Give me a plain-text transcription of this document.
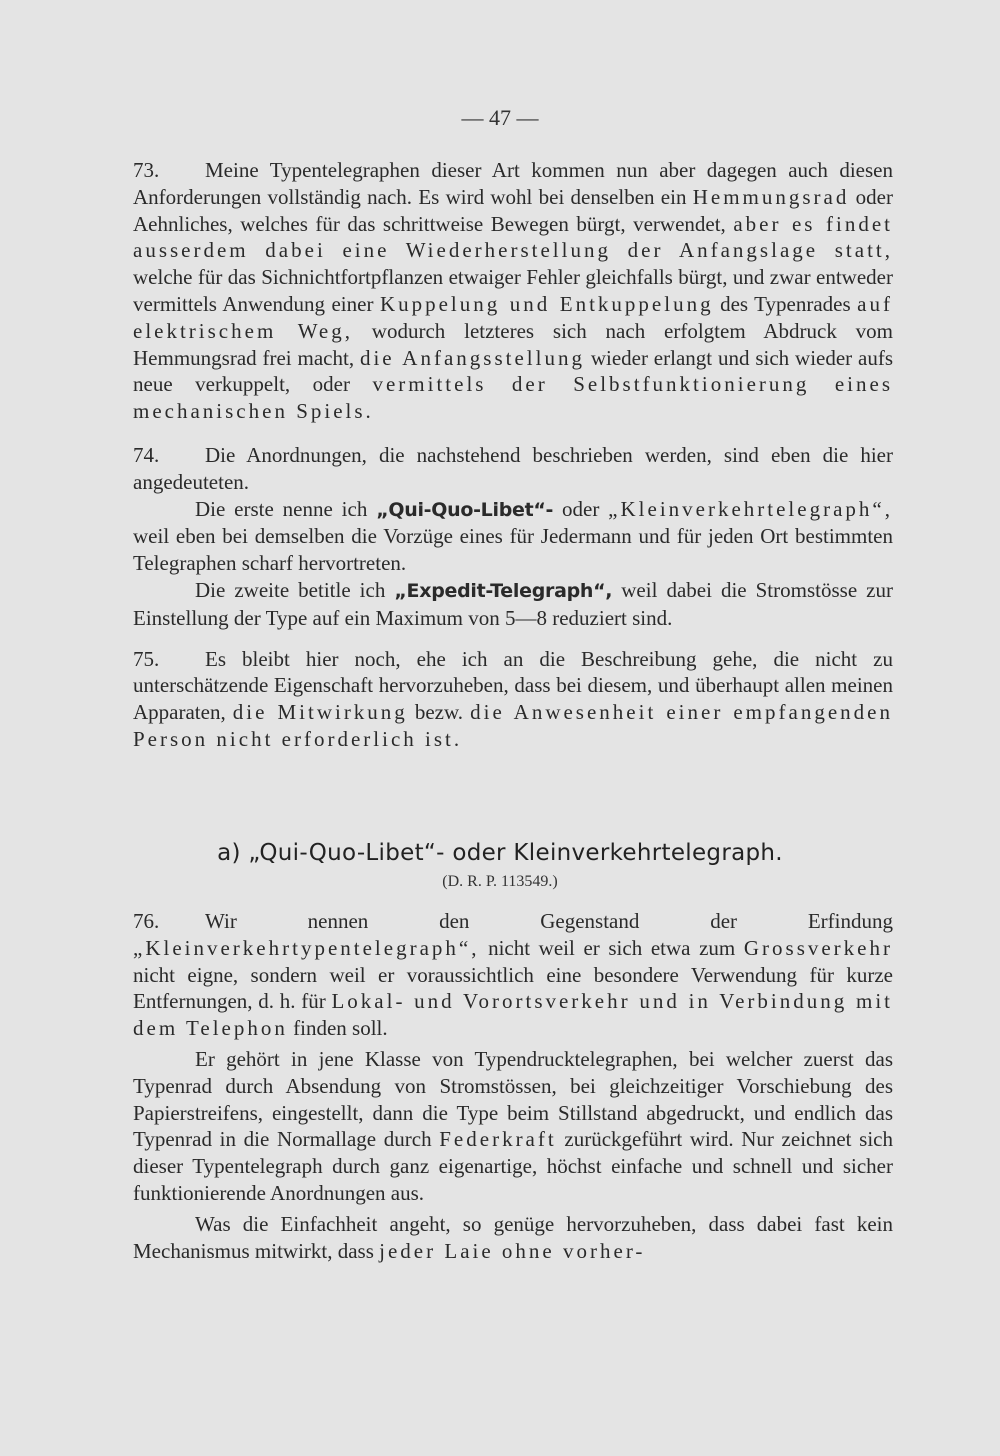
— 47 —

73. Meine Typentelegraphen dieser Art kommen nun aber dagegen auch diesen Anforderungen vollständig nach. Es wird wohl bei denselben ein Hemmungsrad oder Aehnliches, welches für das schrittweise Bewegen bürgt, verwendet, aber es findet ausserdem dabei eine Wiederherstellung der Anfangslage statt, welche für das Sichnichtfortpflanzen etwaiger Fehler gleichfalls bürgt, und zwar entweder vermittels Anwendung einer Kuppelung und Entkuppelung des Typenrades auf elektrischem Weg, wodurch letzteres sich nach erfolgtem Abdruck vom Hemmungsrad frei macht, die Anfangsstellung wieder erlangt und sich wieder aufs neue verkuppelt, oder vermittels der Selbstfunktionierung eines mechanischen Spiels.

74. Die Anordnungen, die nachstehend beschrieben werden, sind eben die hier angedeuteten.

Die erste nenne ich „Qui-Quo-Libet“- oder „Kleinverkehrtelegraph“, weil eben bei demselben die Vorzüge eines für Jedermann und für jeden Ort bestimmten Telegraphen scharf hervortreten.

Die zweite betitle ich „Expedit-Telegraph“, weil dabei die Stromstösse zur Einstellung der Type auf ein Maximum von 5—8 reduziert sind.

75. Es bleibt hier noch, ehe ich an die Beschreibung gehe, die nicht zu unterschätzende Eigenschaft hervorzuheben, dass bei diesem, und überhaupt allen meinen Apparaten, die Mitwirkung bezw. die Anwesenheit einer empfangenden Person nicht erforderlich ist.

a) „Qui-Quo-Libet“- oder Kleinverkehrtelegraph.
(D. R. P. 113549.)

76. Wir nennen den Gegenstand der Erfindung „Kleinverkehrtypentelegraph“, nicht weil er sich etwa zum Grossverkehr nicht eigne, sondern weil er voraussichtlich eine besondere Verwendung für kurze Entfernungen, d. h. für Lokal- und Vorortsverkehr und in Verbindung mit dem Telephon finden soll.

Er gehört in jene Klasse von Typendrucktelegraphen, bei welcher zuerst das Typenrad durch Absendung von Stromstössen, bei gleichzeitiger Vorschiebung des Papierstreifens, eingestellt, dann die Type beim Stillstand abgedruckt, und endlich das Typenrad in die Normallage durch Federkraft zurückgeführt wird. Nur zeichnet sich dieser Typentelegraph durch ganz eigenartige, höchst einfache und schnell und sicher funktionierende Anordnungen aus.

Was die Einfachheit angeht, so genüge hervorzuheben, dass dabei fast kein Mechanismus mitwirkt, dass jeder Laie ohne vorher-
